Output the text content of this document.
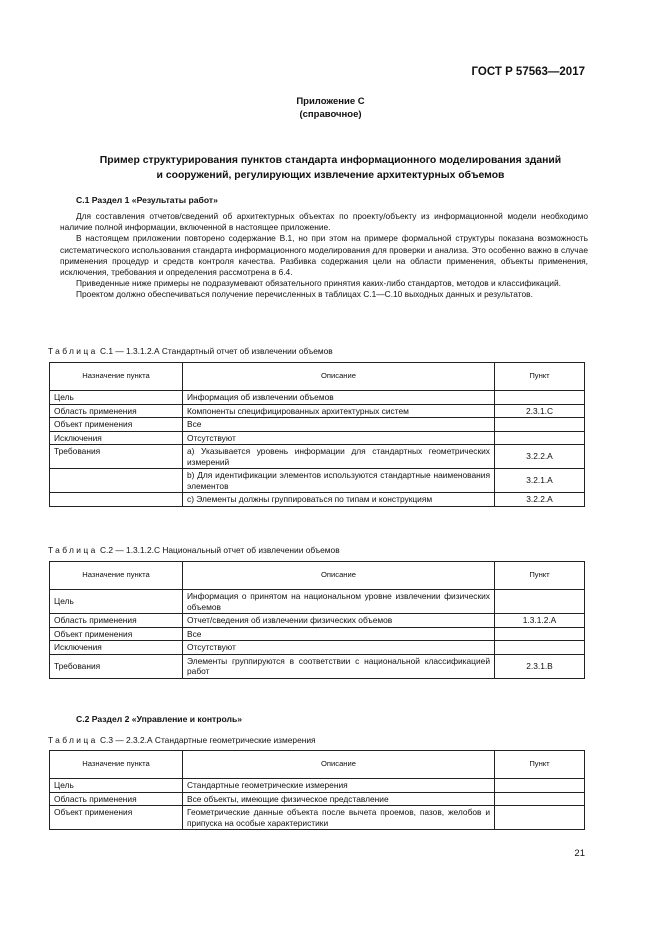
ГОСТ Р 57563—2017
Приложение С
(справочное)
Пример структурирования пунктов стандарта информационного моделирования зданий
и сооружений, регулирующих извлечение архитектурных объемов
С.1 Раздел 1 «Результаты работ»

Для составления отчетов/сведений об архитектурных объектах по проекту/объекту из информационной модели необходимо наличие полной информации, включенной в настоящее приложение.

В настоящем приложении повторено содержание В.1, но при этом на примере формальной структуры показана возможность систематического использования стандарта информационного моделирования для проверки и анализа. Это особенно важно в случае применения процедур и средств контроля качества. Разбивка содержания цели на области применения, объекты применения, исключения, требования и определения рассмотрена в 6.4.

Приведенные ниже примеры не подразумевают обязательного принятия каких-либо стандартов, методов и классификаций.

Проектом должно обеспечиваться получение перечисленных в таблицах С.1—С.10 выходных данных и результатов.

Таблица С.1 — 1.3.1.2.А Стандартный отчет об извлечении объемов
Назначение пункта	Описание	Пункт
Цель	Информация об извлечении объемов	
Область применения	Компоненты специфицированных архитектурных систем	2.3.1.С
Объект применения	Все	
Исключения	Отсутствуют	
Требования	а) Указывается уровень информации для стандартных геометрических измерений	3.2.2.А
	b) Для идентификации элементов используются стандартные наименования элементов	3.2.1.А
	с) Элементы должны группироваться по типам и конструкциям	3.2.2.А
Таблица С.2 — 1.3.1.2.С Национальный отчет об извлечении объемов
Назначение пункта	Описание	Пункт
Цель	Информация о принятом на национальном уровне извлечении физических объемов	
Область применения	Отчет/сведения об извлечении физических объемов	1.3.1.2.А
Объект применения	Все	
Исключения	Отсутствуют	
Требования	Элементы группируются в соответствии с национальной классификацией работ	2.3.1.В
С.2 Раздел 2 «Управление и контроль»
Таблица С.3 — 2.3.2.А Стандартные геометрические измерения
Назначение пункта	Описание	Пункт
Цель	Стандартные геометрические измерения	
Область применения	Все объекты, имеющие физическое представление	
Объект применения	Геометрические данные объекта после вычета проемов, пазов, желобов и припуска на особые характеристики	
21
